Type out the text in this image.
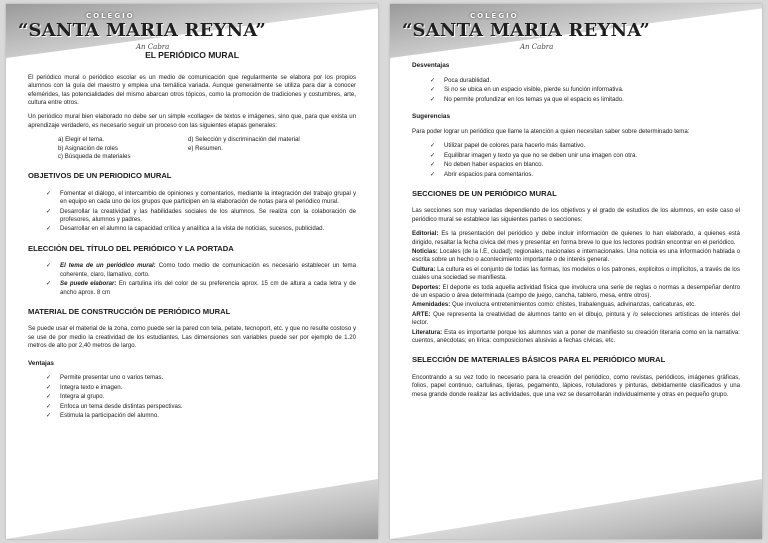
COLEGIO
“SANTA MARIA REYNA”
An Cabra
EL PERIÓDICO MURAL

El periódico mural o periódico escolar es un medio de comunicación que regularmente se elabora por los propios alumnos con la guía del maestro y emplea una temática variada. Aunque generalmente se utiliza para dar a conocer efemérides, las potencialidades del mismo abarcan otros tópicos, como la promoción de tradiciones y costumbres, arte, cultura entre otros.

Un periódico mural bien elaborado no debe ser un simple «collage» de textos e imágenes, sino que, para que exista un aprendizaje verdadero, es necesario seguir un proceso con las siguientes etapas generales:

a) Elegir el tema.	d) Selección y discriminación del material
b) Asignación de roles	e) Resumen.
c) Búsqueda de materiales
OBJETIVOS DE UN PERIODICO MURAL
✓ Fomentar el diálogo, el intercambio de opiniones y comentarios, mediante la integración del trabajo grupal y en equipo en cada uno de los grupos que participen en la elaboración de notas para el periódico mural.
✓ Desarrollar la creatividad y las habilidades sociales de los alumnos. Se realiza con la colaboración de profesores, alumnos y padres.
✓ Desarrollar en el alumno la capacidad crítica y analítica a la vista de noticias, sucesos, publicidad.
ELECCIÓN DEL TÍTULO DEL PERIÓDICO Y LA PORTADA
✓ El tema de un periódico mural: Como todo medio de comunicación es necesario establecer un tema coherente, claro, llamativo, corto.
✓ Se puede elaborar: En cartulina iris del color de su preferencia aprox. 15 cm de altura a cada letra y de ancho aprox. 8 cm
MATERIAL DE CONSTRUCCIÓN DE PERIÓDICO MURAL

Se puede usar el material de la zona, como puede ser la pared con tela, petate, tecnoport, etc. y que no resulte costoso y se use de por medio la creatividad de los estudiantes. Las dimensiones son variables puede ser por ejemplo de 1.20 metros de alto por 2,40 metros de largo.

Ventajas
✓ Permite presentar uno o varios temas.
✓ Integra texto e imagen.
✓ Integra al grupo.
✓ Enfoca un tema desde distintas perspectivas.
✓ Estimula la participación del alumno.
COLEGIO
“SANTA MARIA REYNA”
An Cabra
Desventajas
✓ Poca durabilidad.
✓ Si no se ubica en un espacio visible, pierde su función informativa.
✓ No permite profundizar en los temas ya que el espacio es limitado.
Sugerencias

Para poder lograr un periódico que llame la atención a quien necesitan saber sobre determinado tema:

✓ Utilizar papel de colores para hacerlo más llamativo.
✓ Equilibrar imagen y texto ya que no se deben unir una imagen con otra.
✓ No deben haber espacios en blanco.
✓ Abrir espacios para comentarios.
SECCIONES DE UN PERIÓDICO MURAL

Las secciones son muy variadas dependiendo de los objetivos y el grado de estudios de los alumnos, en este caso el periódico mural se establece las siguientes partes o secciones:

Editorial: Es la presentación del periódico y debe incluir información de quienes lo han elaborado, a quienes está dirigido, resaltar la fecha cívica del mes y presentar en forma breve lo que los lectores podrán encontrar en el periódico.
Noticias: Locales (de la I.E, ciudad); regionales, nacionales e internacionales. Una noticia es una información hablada o escrita sobre un hecho o acontecimiento importante o de interés general.
Cultura: La cultura es el conjunto de todas las formas, los modelos o los patrones, explícitos o implícitos, a través de los cuales una sociedad se manifiesta.
Deportes: El deporte es toda aquella actividad física que involucra una serie de reglas o normas a desempeñar dentro de un espacio o área determinada (campo de juego, cancha, tablero, mesa, entre otros).
Amenidades: Que involucra entretenimientos como: chistes, trabalenguas, adivinanzas, caricaturas, etc.
ARTE: Que representa la creatividad de alumnos tanto en el dibujo, pintura y /o selecciones artísticas de interés del lector.
Literatura: Esta es importante porque los alumnos van a poner de manifiesto su creación literaria como en la narrativa: cuentos, anécdotas; en lírica: composiciones alusivas a fechas cívicas, etc.
SELECCIÓN DE MATERIALES BÁSICOS PARA EL PERIÓDICO MURAL

Encontrando a su vez todo lo necesario para la creación del periódico, como revistas, periódicos, imágenes gráficas, folios, papel continuo, cartulinas, tijeras, pegamento, lápices, rotuladores y pinturas, debidamente clasificados y una mesa grande donde realizar las actividades, que una vez se desarrollarán individualmente y otras en pequeño grupo.
